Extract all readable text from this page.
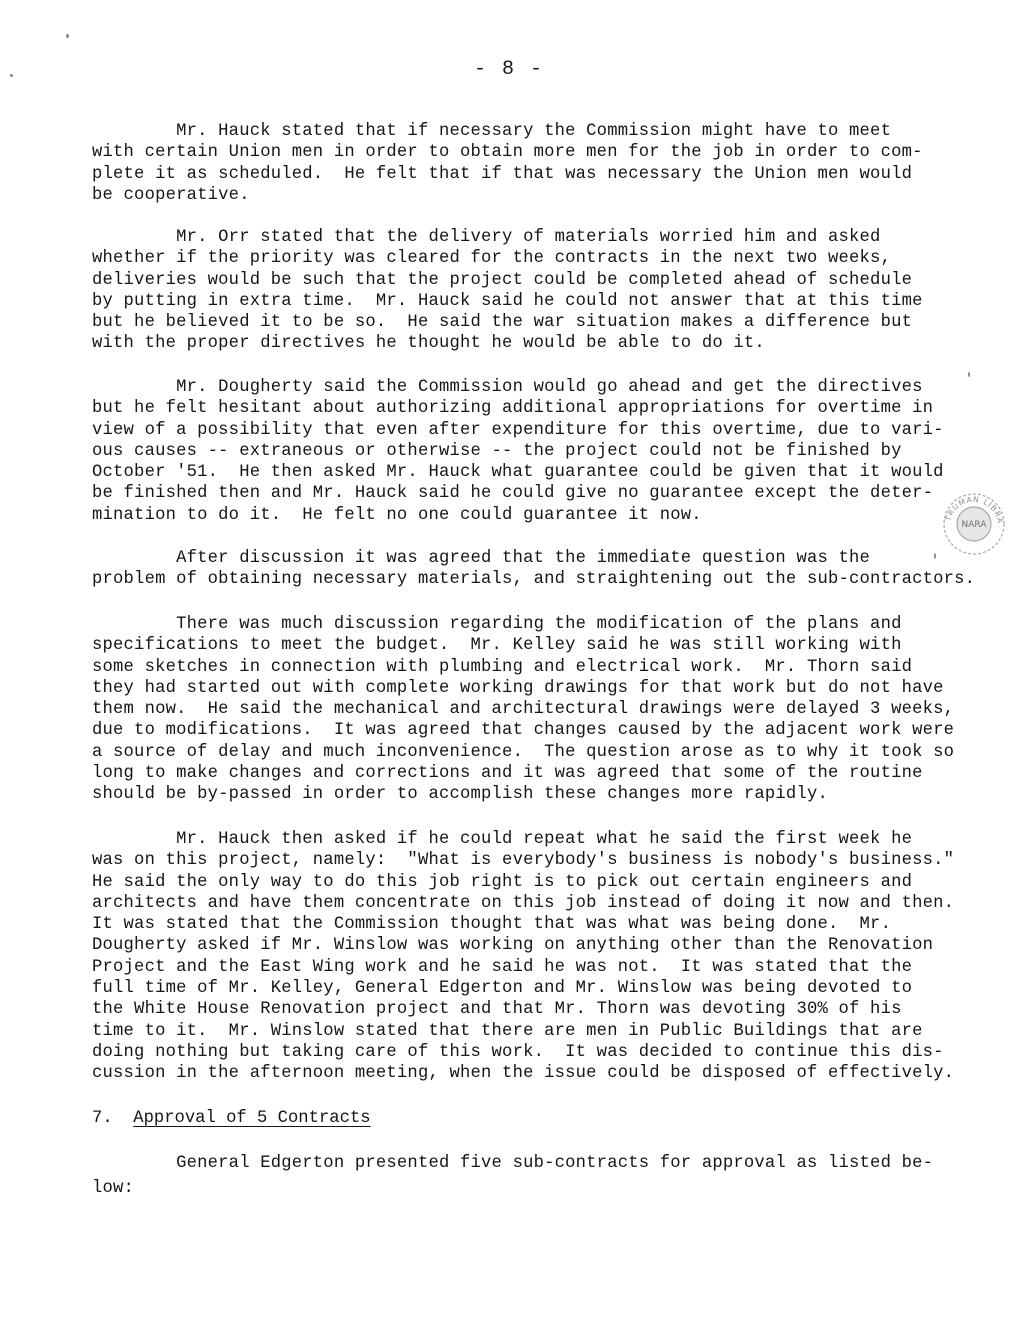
- 8 -
Mr. Hauck stated that if necessary the Commission might have to meet
with certain Union men in order to obtain more men for the job in order to com-
plete it as scheduled.  He felt that if that was necessary the Union men would
be cooperative.
Mr. Orr stated that the delivery of materials worried him and asked
whether if the priority was cleared for the contracts in the next two weeks,
deliveries would be such that the project could be completed ahead of schedule
by putting in extra time.  Mr. Hauck said he could not answer that at this time
but he believed it to be so.  He said the war situation makes a difference but
with the proper directives he thought he would be able to do it.
Mr. Dougherty said the Commission would go ahead and get the directives
but he felt hesitant about authorizing additional appropriations for overtime in
view of a possibility that even after expenditure for this overtime, due to vari-
ous causes -- extraneous or otherwise -- the project could not be finished by
October '51.  He then asked Mr. Hauck what guarantee could be given that it would
be finished then and Mr. Hauck said he could give no guarantee except the deter-
mination to do it.  He felt no one could guarantee it now.
After discussion it was agreed that the immediate question was the
problem of obtaining necessary materials, and straightening out the sub-contractors.
There was much discussion regarding the modification of the plans and
specifications to meet the budget.  Mr. Kelley said he was still working with
some sketches in connection with plumbing and electrical work.  Mr. Thorn said
they had started out with complete working drawings for that work but do not have
them now.  He said the mechanical and architectural drawings were delayed 3 weeks,
due to modifications.  It was agreed that changes caused by the adjacent work were
a source of delay and much inconvenience.  The question arose as to why it took so
long to make changes and corrections and it was agreed that some of the routine
should be by-passed in order to accomplish these changes more rapidly.
Mr. Hauck then asked if he could repeat what he said the first week he
was on this project, namely:  "What is everybody's business is nobody's business."
He said the only way to do this job right is to pick out certain engineers and
architects and have them concentrate on this job instead of doing it now and then.
It was stated that the Commission thought that was what was being done.  Mr.
Dougherty asked if Mr. Winslow was working on anything other than the Renovation
Project and the East Wing work and he said he was not.  It was stated that the
full time of Mr. Kelley, General Edgerton and Mr. Winslow was being devoted to
the White House Renovation project and that Mr. Thorn was devoting 30% of his
time to it.  Mr. Winslow stated that there are men in Public Buildings that are
doing nothing but taking care of this work.  It was decided to continue this dis-
cussion in the afternoon meeting, when the issue could be disposed of effectively.
7. Approval of 5 Contracts
General Edgerton presented five sub-contracts for approval as listed be-
low:
TRUMAN LIBRA
NARA
